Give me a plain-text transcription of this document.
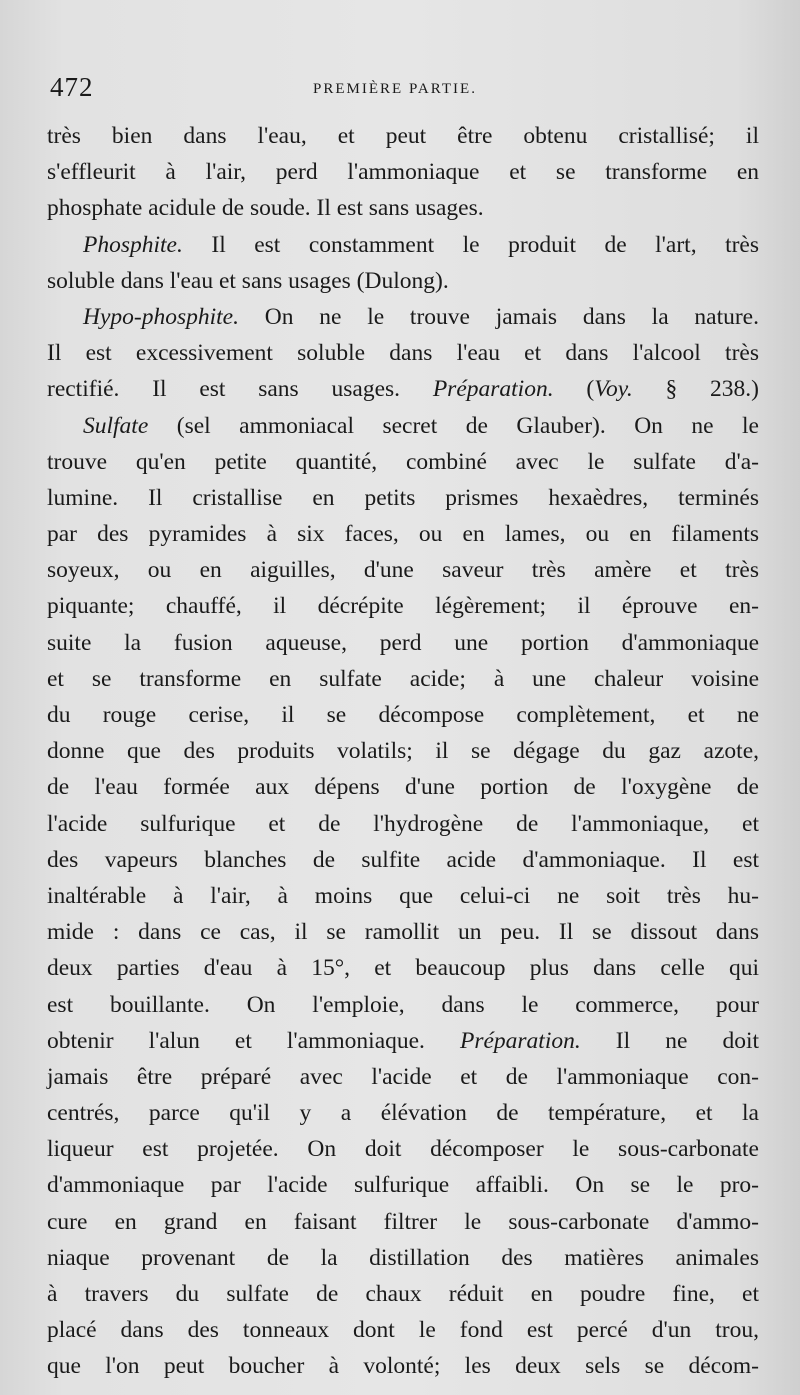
472	PREMIÈRE PARTIE.
très bien dans l'eau, et peut être obtenu cristallisé; il
s'effleurit à l'air, perd l'ammoniaque et se transforme en
phosphate acidule de soude. Il est sans usages.
Phosphite. Il est constamment le produit de l'art, très
soluble dans l'eau et sans usages (Dulong).
Hypo-phosphite. On ne le trouve jamais dans la nature.
Il est excessivement soluble dans l'eau et dans l'alcool très
rectifié. Il est sans usages. Préparation. (Voy. § 238.)
Sulfate (sel ammoniacal secret de Glauber). On ne le
trouve qu'en petite quantité, combiné avec le sulfate d'a-
lumine. Il cristallise en petits prismes hexaèdres, terminés
par des pyramides à six faces, ou en lames, ou en filaments
soyeux, ou en aiguilles, d'une saveur très amère et très
piquante; chauffé, il décrépite légèrement; il éprouve en-
suite la fusion aqueuse, perd une portion d'ammoniaque
et se transforme en sulfate acide; à une chaleur voisine
du rouge cerise, il se décompose complètement, et ne
donne que des produits volatils; il se dégage du gaz azote,
de l'eau formée aux dépens d'une portion de l'oxygène de
l'acide sulfurique et de l'hydrogène de l'ammoniaque, et
des vapeurs blanches de sulfite acide d'ammoniaque. Il est
inaltérable à l'air, à moins que celui-ci ne soit très hu-
mide : dans ce cas, il se ramollit un peu. Il se dissout dans
deux parties d'eau à 15°, et beaucoup plus dans celle qui
est bouillante. On l'emploie, dans le commerce, pour
obtenir l'alun et l'ammoniaque. Préparation. Il ne doit
jamais être préparé avec l'acide et de l'ammoniaque con-
centrés, parce qu'il y a élévation de température, et la
liqueur est projetée. On doit décomposer le sous-carbonate
d'ammoniaque par l'acide sulfurique affaibli. On se le pro-
cure en grand en faisant filtrer le sous-carbonate d'ammo-
niaque provenant de la distillation des matières animales
à travers du sulfate de chaux réduit en poudre fine, et
placé dans des tonneaux dont le fond est percé d'un trou,
que l'on peut boucher à volonté; les deux sels se décom-
